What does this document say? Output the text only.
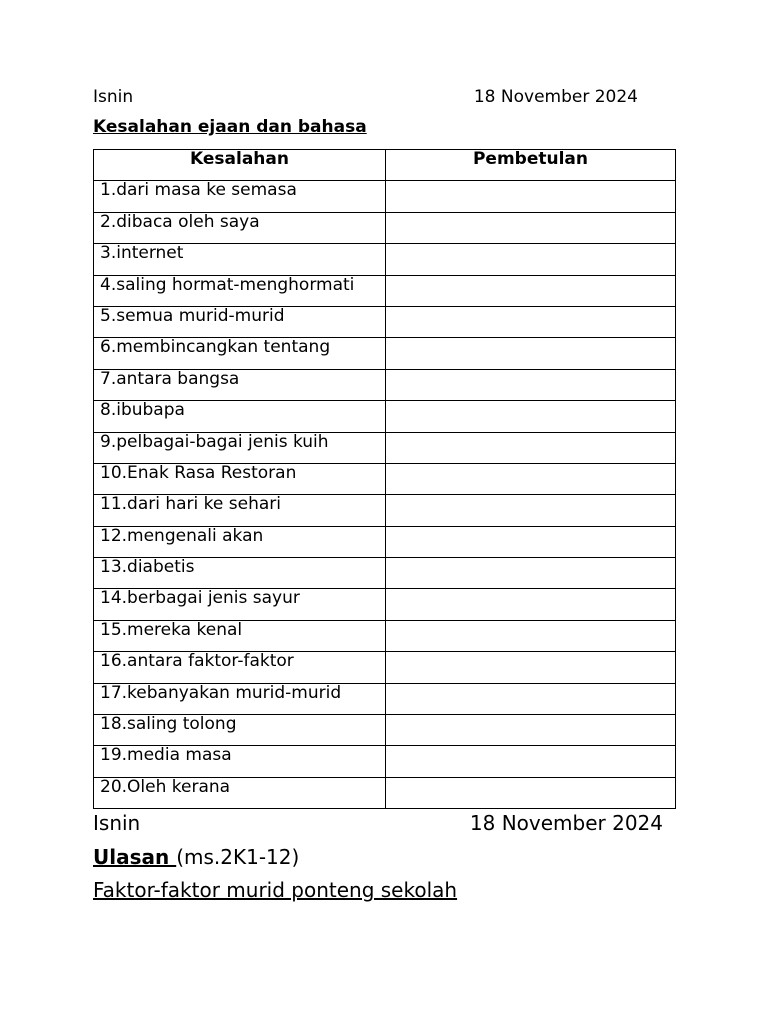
Isnin	18 November 2024
Kesalahan ejaan dan bahasa
Kesalahan	Pembetulan
1.dari masa ke semasa	
2.dibaca oleh saya	
3.internet	
4.saling hormat-menghormati	
5.semua murid-murid	
6.membincangkan tentang	
7.antara bangsa	
8.ibubapa	
9.pelbagai-bagai jenis kuih	
10.Enak Rasa Restoran	
11.dari hari ke sehari	
12.mengenali akan	
13.diabetis	
14.berbagai jenis sayur	
15.mereka kenal	
16.antara faktor-faktor	
17.kebanyakan murid-murid	
18.saling tolong	
19.media masa	
20.Oleh kerana	
Isnin	18 November 2024
Ulasan (ms.2K1-12)
Faktor-faktor murid ponteng sekolah
